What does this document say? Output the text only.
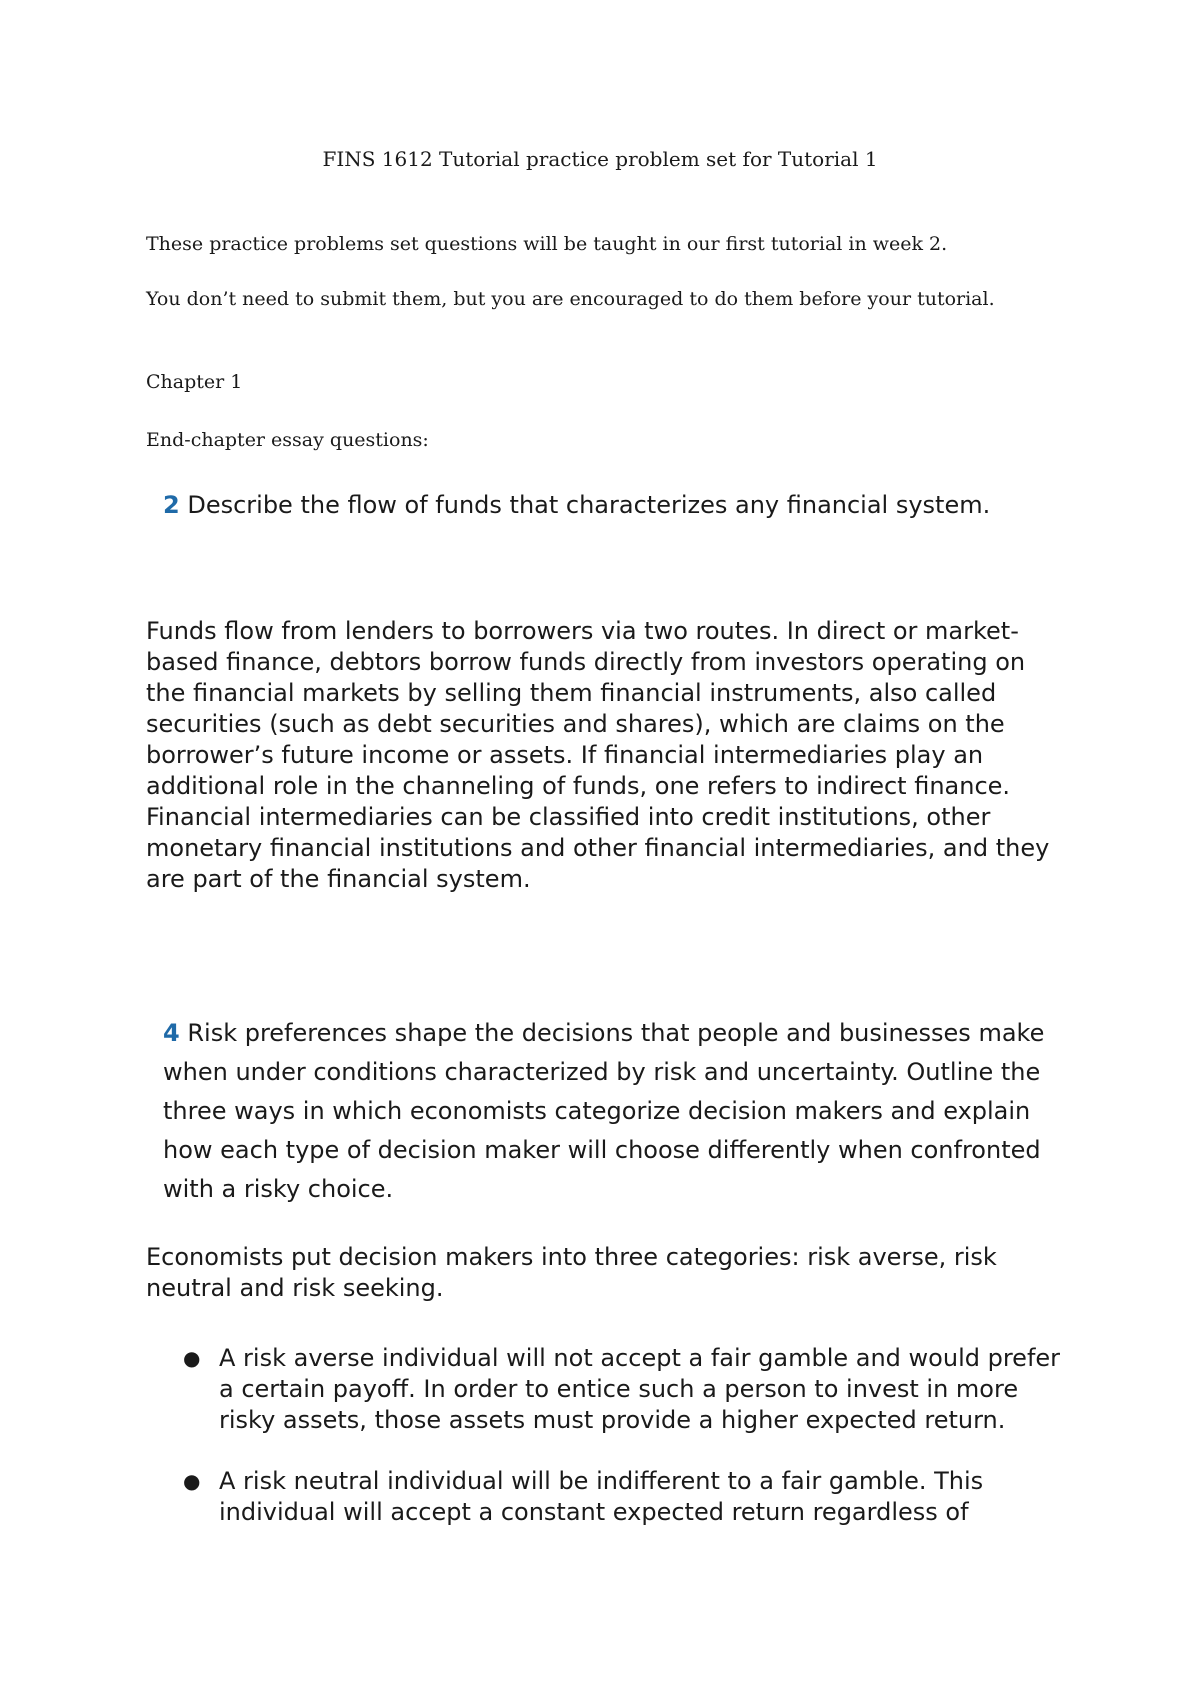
FINS 1612 Tutorial practice problem set for Tutorial 1
These practice problems set questions will be taught in our first tutorial in week 2.
You don’t need to submit them, but you are encouraged to do them before your tutorial.
Chapter 1
End-chapter essay questions:
2 Describe the flow of funds that characterizes any financial system.
Funds flow from lenders to borrowers via two routes. In direct or market-based finance, debtors borrow funds directly from investors operating on the financial markets by selling them financial instruments, also called securities (such as debt securities and shares), which are claims on the borrower’s future income or assets. If financial intermediaries play an additional role in the channeling of funds, one refers to indirect finance. Financial intermediaries can be classified into credit institutions, other monetary financial institutions and other financial intermediaries, and they are part of the financial system.
4 Risk preferences shape the decisions that people and businesses make when under conditions characterized by risk and uncertainty. Outline the three ways in which economists categorize decision makers and explain how each type of decision maker will choose differently when confronted with a risky choice.
Economists put decision makers into three categories: risk averse, risk neutral and risk seeking.
● A risk averse individual will not accept a fair gamble and would prefer a certain payoff. In order to entice such a person to invest in more risky assets, those assets must provide a higher expected return.
● A risk neutral individual will be indifferent to a fair gamble. This individual will accept a constant expected return regardless of
